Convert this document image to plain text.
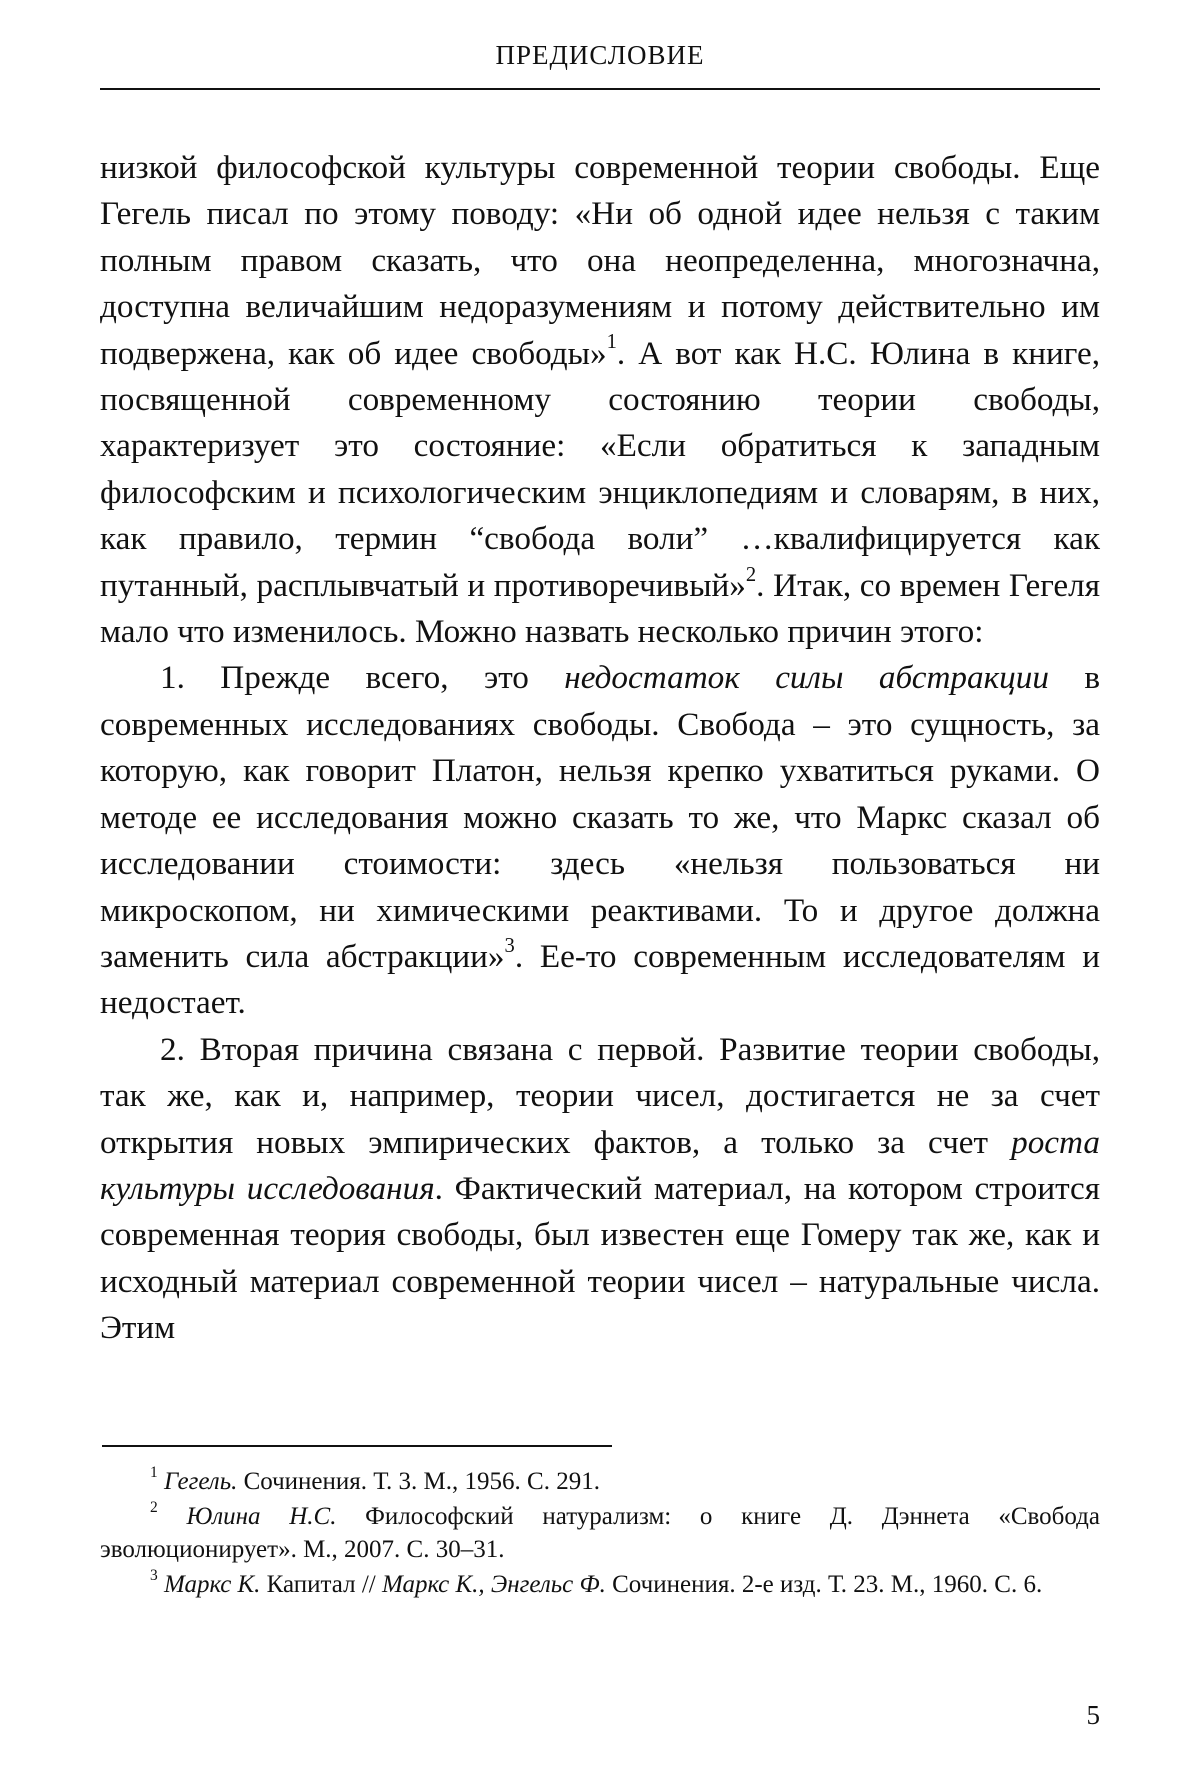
ПРЕДИСЛОВИЕ

низкой философской культуры современной теории свободы. Еще Гегель писал по этому поводу: «Ни об одной идее нельзя с таким полным правом сказать, что она неопределенна, многозначна, доступна величайшим недоразумениям и потому действительно им подвержена, как об идее свободы»$^1$. А вот как Н.С. Юлина в книге, посвященной современному состоянию теории свободы, характеризует это состояние: «Если обратиться к западным философским и психологическим энциклопедиям и словарям, в них, как правило, термин “свобода воли” …квалифицируется как путанный, расплывчатый и противоречивый»$^2$. Итак, со времен Гегеля мало что изменилось. Можно назвать несколько причин этого:

1. Прежде всего, это недостаток силы абстракции в современных исследованиях свободы. Свобода – это сущность, за которую, как говорит Платон, нельзя крепко ухватиться руками. О методе ее исследования можно сказать то же, что Маркс сказал об исследовании стоимости: здесь «нельзя пользоваться ни микроскопом, ни химическими реактивами. То и другое должна заменить сила абстракции»$^3$. Ее-то современным исследователям и недостает.

2. Вторая причина связана с первой. Развитие теории свободы, так же, как и, например, теории чисел, достигается не за счет открытия новых эмпирических фактов, а только за счет роста культуры исследования. Фактический материал, на котором строится современная теория свободы, был известен еще Гомеру так же, как и исходный материал современной теории чисел – натуральные числа. Этим

$^1$ Гегель. Сочинения. Т. 3. М., 1956. С. 291.

$^2$ Юлина Н.С. Философский натурализм: о книге Д. Дэннета «Свобода эволюционирует». М., 2007. С. 30–31.

$^3$ Маркс К. Капитал // Маркс К., Энгельс Ф. Сочинения. 2-е изд. Т. 23. М., 1960. С. 6.

5
